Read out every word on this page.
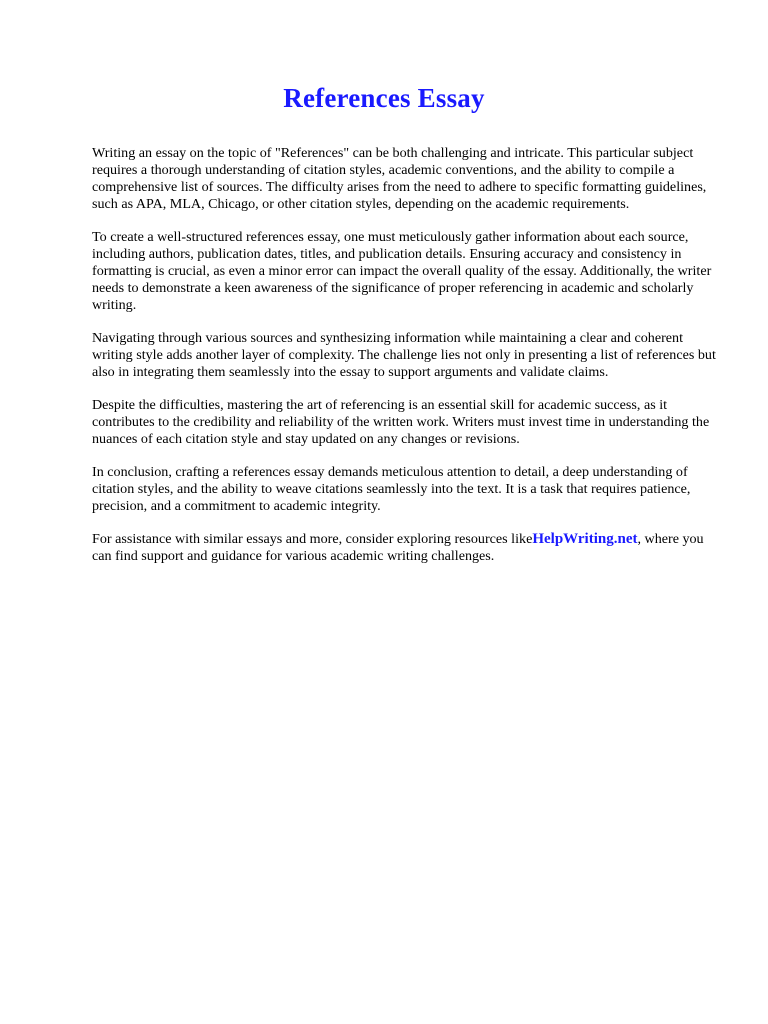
References Essay

Writing an essay on the topic of "References" can be both challenging and intricate. This particular subject requires a thorough understanding of citation styles, academic conventions, and the ability to compile a comprehensive list of sources. The difficulty arises from the need to adhere to specific formatting guidelines, such as APA, MLA, Chicago, or other citation styles, depending on the academic requirements.

To create a well-structured references essay, one must meticulously gather information about each source, including authors, publication dates, titles, and publication details. Ensuring accuracy and consistency in formatting is crucial, as even a minor error can impact the overall quality of the essay. Additionally, the writer needs to demonstrate a keen awareness of the significance of proper referencing in academic and scholarly writing.

Navigating through various sources and synthesizing information while maintaining a clear and coherent writing style adds another layer of complexity. The challenge lies not only in presenting a list of references but also in integrating them seamlessly into the essay to support arguments and validate claims.

Despite the difficulties, mastering the art of referencing is an essential skill for academic success, as it contributes to the credibility and reliability of the written work. Writers must invest time in understanding the nuances of each citation style and stay updated on any changes or revisions.

In conclusion, crafting a references essay demands meticulous attention to detail, a deep understanding of citation styles, and the ability to weave citations seamlessly into the text. It is a task that requires patience, precision, and a commitment to academic integrity.

For assistance with similar essays and more, consider exploring resources likeHelpWriting.net, where you can find support and guidance for various academic writing challenges.
